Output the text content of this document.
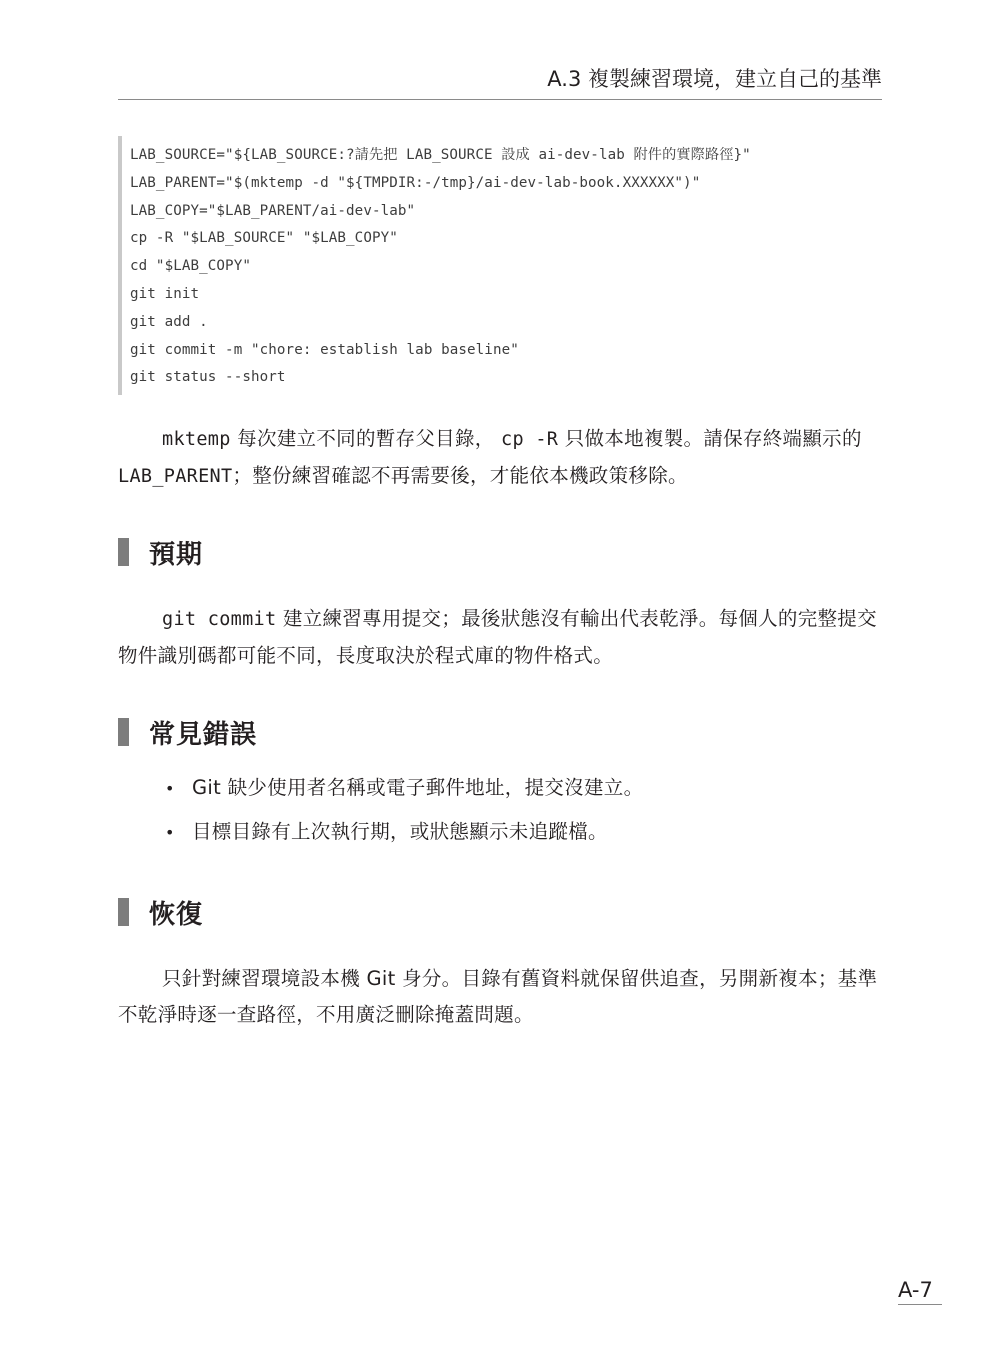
A.3 複製練習環境，建立自己的基準
LAB_SOURCE="${LAB_SOURCE:?請先把 LAB_SOURCE 設成 ai-dev-lab 附件的實際路徑}"
LAB_PARENT="$(mktemp -d "${TMPDIR:-/tmp}/ai-dev-lab-book.XXXXXX")"
LAB_COPY="$LAB_PARENT/ai-dev-lab"
cp -R "$LAB_SOURCE" "$LAB_COPY"
cd "$LAB_COPY"
git init
git add .
git commit -m "chore: establish lab baseline"
git status --short
mktemp 每次建立不同的暫存父目錄， cp -R 只做本地複製。請保存終端顯示的 LAB_PARENT；整份練習確認不再需要後，才能依本機政策移除。
預期
git commit 建立練習專用提交；最後狀態沒有輸出代表乾淨。每個人的完整提交物件識別碼都可能不同，長度取決於程式庫的物件格式。
常見錯誤
• Git 缺少使用者名稱或電子郵件地址，提交沒建立。
• 目標目錄有上次執行期，或狀態顯示未追蹤檔。
恢復
只針對練習環境設本機 Git 身分。目錄有舊資料就保留供追查，另開新複本；基準不乾淨時逐一查路徑，不用廣泛刪除掩蓋問題。
A-7
